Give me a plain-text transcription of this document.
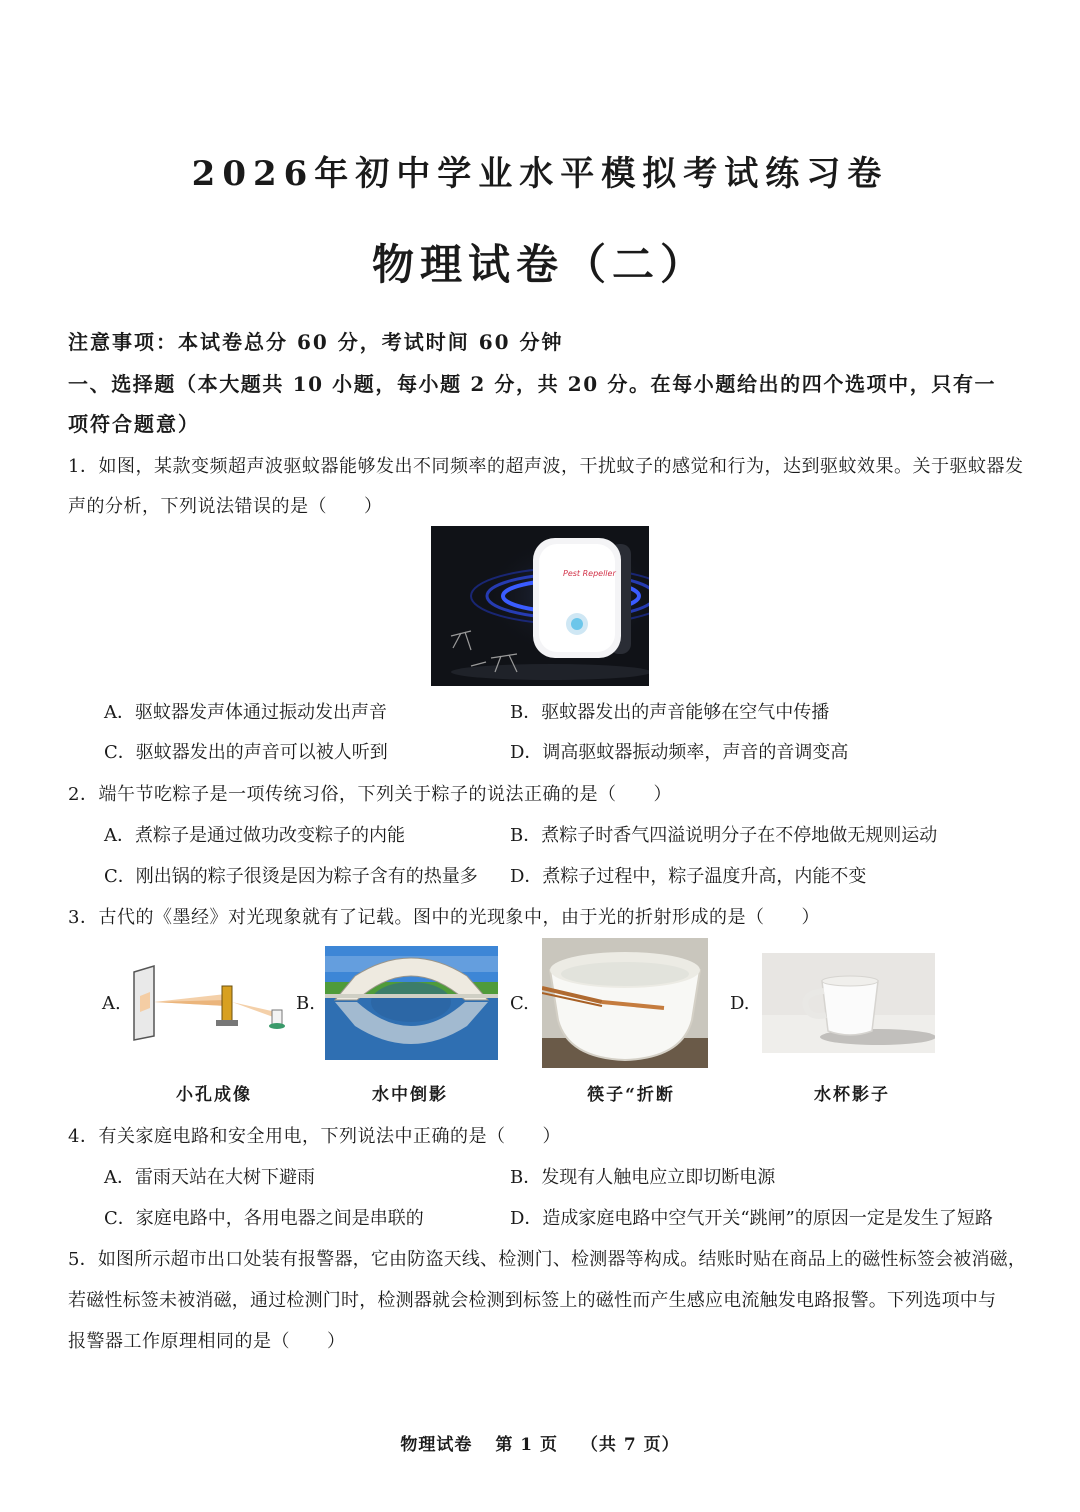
2026年初中学业水平模拟考试练习卷
物理试卷（二）
注意事项：本试卷总分 60 分，考试时间 60 分钟
一、选择题（本大题共 10 小题，每小题 2 分，共 20 分。在每小题给出的四个选项中，只有一
项符合题意）
1．如图，某款变频超声波驱蚊器能够发出不同频率的超声波，干扰蚊子的感觉和行为，达到驱蚊效果。关于驱蚊器发
声的分析，下列说法错误的是（　　）
Pest Repeller
A．驱蚊器发声体通过振动发出声音	B．驱蚊器发出的声音能够在空气中传播
C．驱蚊器发出的声音可以被人听到	D．调高驱蚊器振动频率，声音的音调变高
2．端午节吃粽子是一项传统习俗，下列关于粽子的说法正确的是（　　）
A．煮粽子是通过做功改变粽子的内能	B．煮粽子时香气四溢说明分子在不停地做无规则运动
C．刚出锅的粽子很烫是因为粽子含有的热量多 D．煮粽子过程中，粽子温度升高，内能不变
3．古代的《墨经》对光现象就有了记载。图中的光现象中，由于光的折射形成的是（　　）
A.	B.	C.	D.
小孔成像	水中倒影	筷子“折断	水杯影子
4．有关家庭电路和安全用电，下列说法中正确的是（　　）
A．雷雨天站在大树下避雨	B．发现有人触电应立即切断电源
C．家庭电路中，各用电器之间是串联的	D．造成家庭电路中空气开关“跳闸”的原因一定是发生了短路
5．如图所示超市出口处装有报警器，它由防盗天线、检测门、检测器等构成。结账时贴在商品上的磁性标签会被消磁，
若磁性标签未被消磁，通过检测门时，检测器就会检测到标签上的磁性而产生感应电流触发电路报警。下列选项中与
报警器工作原理相同的是（　　）
物理试卷 第 1 页 （共 7 页）
